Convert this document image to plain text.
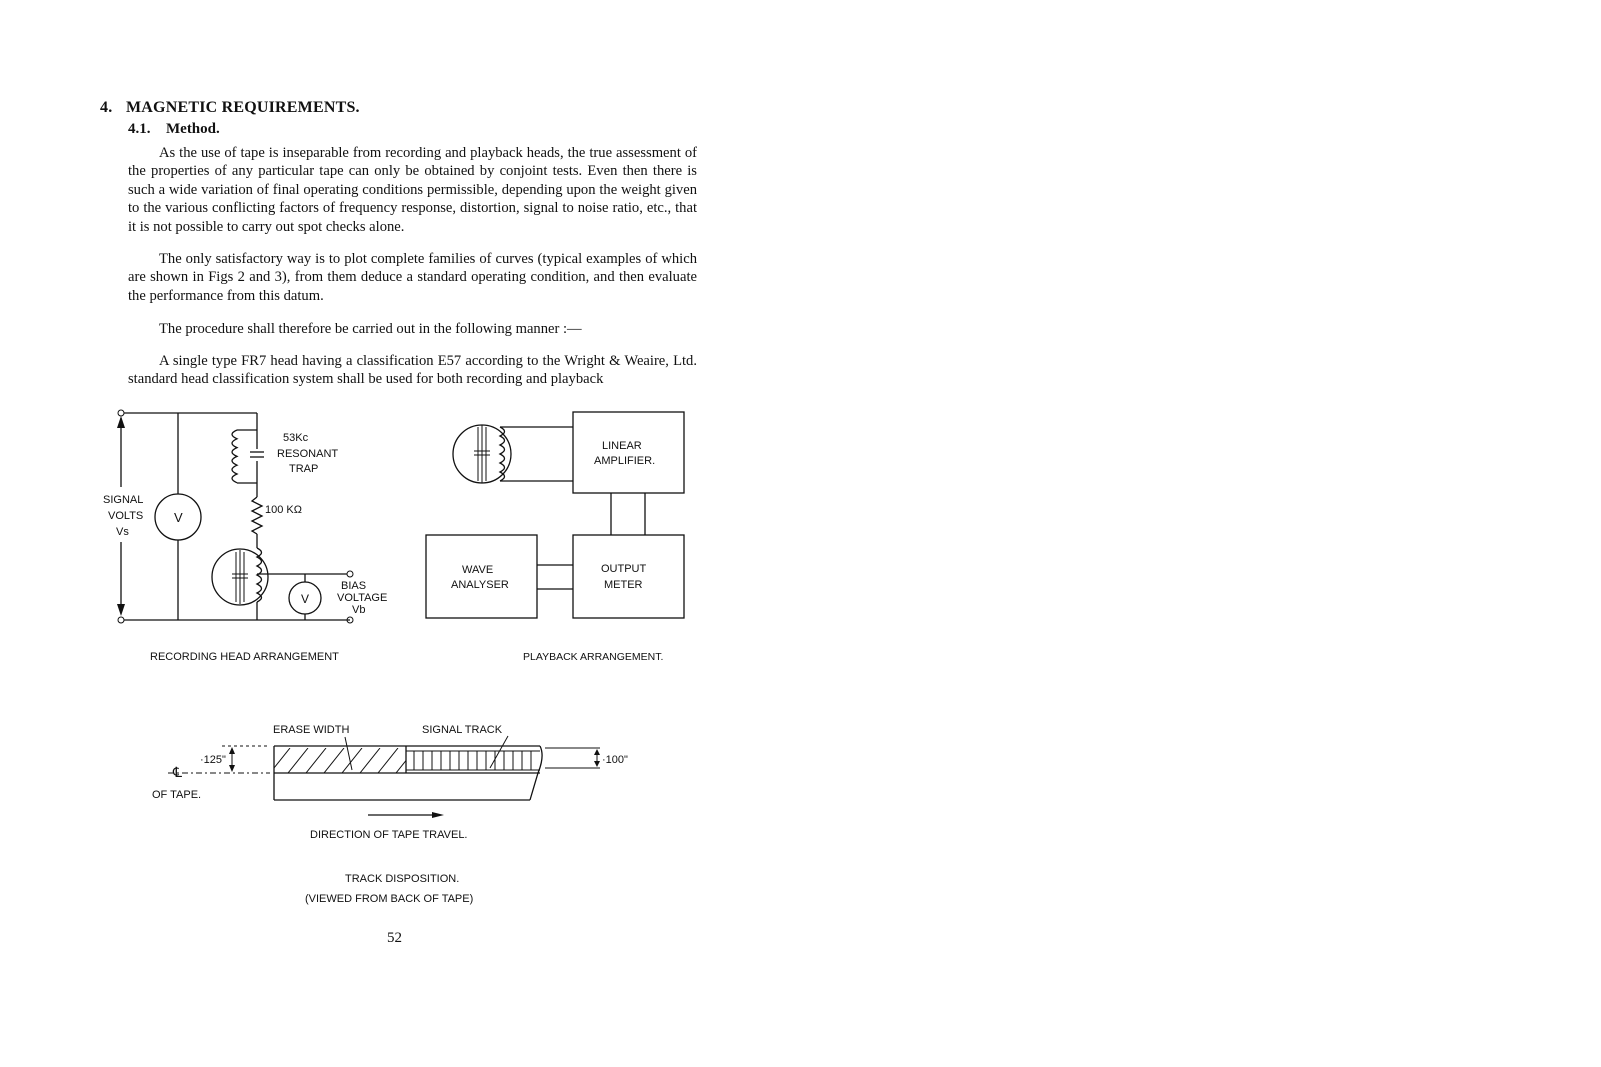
4. MAGNETIC REQUIREMENTS.
4.1. Method.

As the use of tape is inseparable from recording and playback heads, the true assessment of the properties of any particular tape can only be obtained by conjoint tests. Even then there is such a wide variation of final operating conditions permissible, depending upon the weight given to the various conflicting factors of frequency response, distortion, signal to noise ratio, etc., that it is not possible to carry out spot checks alone.

The only satisfactory way is to plot complete families of curves (typical examples of which are shown in Figs 2 and 3), from them deduce a standard operating condition, and then evaluate the performance from this datum.

The procedure shall therefore be carried out in the following manner :—

A single type FR7 head having a classification E57 according to the Wright & Weaire, Ltd. standard head classification system shall be used for both recording and playback

V
53Kc
RESONANT
TRAP
100 KΩ
V
BIAS
VOLTAGE
Vb
SIGNAL
VOLTS
Vs
RECORDING HEAD ARRANGEMENT
LINEAR
AMPLIFIER.
OUTPUT
METER
WAVE
ANALYSER
PLAYBACK ARRANGEMENT.
ERASE WIDTH	SIGNAL TRACK
·125"
℄
OF TAPE.
·100"
DIRECTION OF TAPE TRAVEL.
TRACK DISPOSITION.
(VIEWED FROM BACK OF TAPE)
52
